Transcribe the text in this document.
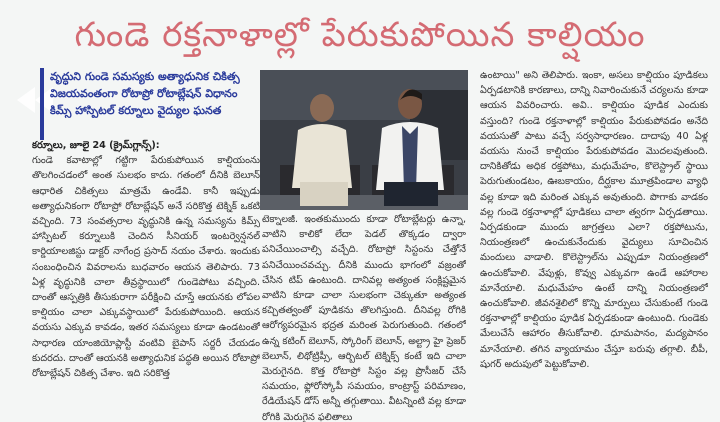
గుండె రక్తనాళాల్లో పేరుకుపోయిన కాల్షియం
వృద్ధుని గుండె సమస్యకు అత్యాధునిక చికిత్స
విజయవంతంగా రోటాప్రో రోటాబ్లేషన్ విధానం
కిమ్స్ హాస్పిటల్ కర్నూలు వైద్యుల ఘనత

కర్నూలు, జూలై 24 (క్రైమ్‌గ్లాన్స్):

గుండె కవాటాల్లో గట్టిగా పేరుకుపోయిన కాల్షియంను తొలగించడంలో అంత సులభం కాదు. గతంలో దీనికి బెలూన్ ఆధారిత చికిత్సలు మాత్రమే ఉండేవి. కానీ ఇప్పుడు అత్యాధునికంగా రోటాప్రో రోటాబ్లేషన్ అనే సరికొత్త టెక్నిక్ ఒకటి వచ్చింది. 73 సంవత్సరాల వృద్ధునికి ఉన్న సమస్యను కిమ్స్ హాస్పిటల్ కర్నూలుకి చెందిన సీనియర్ ఇంటర్వెన్షనల్ కార్డియాలజిస్టు డాక్టర్ నాగేంద్ర ప్రసాద్ నయం చేశారు. ఇందుకు సంబంధించిన వివరాలను బుధవారం ఆయన తెలిపారు. 73 ఏళ్ల వృద్ధునికి చాలా తీవ్రస్థాయిలో గుండెపోటు వచ్చింది. దాంతో ఆస్పత్రికి తీసుకురాగా పరీక్షించి చూస్తే ఆయనకు లోపల కాల్షియం చాలా ఎక్కువస్థాయిలో పేరుకుపోయింది. ఆయన వయసు ఎక్కువ కావడం, ఇతర సమస్యలు కూడా ఉండటంతో సాధారణ యాంజియోప్లాస్టీ వంటివి బైపాస్ సర్జరీ చేయడం కుదరదు. దాంతో ఆయనకి అత్యాధునిక పద్ధతి అయిన రోటాప్రో రోటాబ్లేషన్ చికిత్స చేశాం. ఇది సరికొత్త

టెక్నాలజీ. ఇంతకుముందు కూడా రోటాబ్లేటర్లు ఉన్నా, వాటిని కాలికో లేదా పెడల్ తొక్కడం ద్వారా పనిచేయించాల్సి వచ్చేది. రోటాప్రో సిస్టంను చేత్తోనే పనిచేయించవచ్చు. దీనికి ముందు భాగంలో వజ్రంతో చేసిన టిప్ ఉంటుంది. దానివల్ల అత్యంత సంక్లిష్టమైన వాటిని కూడా చాలా సులభంగా చెక్కుతూ అత్యంత కచ్చితత్వంతో పూడికను తొలగిస్తుంది. దీనివల్ల రోగికి ఆరోగ్యపరమైన భద్రత మరింత పెరుగుతుంది. గతంలో ఉన్న కటింగ్ బెలూన్, స్కోరింగ్ బెలూన్, అల్ట్రా హై ప్రెజర్ బెలూన్, లిథోట్రిప్సీ, ఆర్బిటల్ టెక్నిక్స్ కంటే ఇది చాలా మెరుగైనది. కొత్త రోటాప్రో సిస్టం వల్ల ప్రొసీజర్ చేసే సమయం, ఫ్లోరోస్కోపీ సమయం, కాంట్రాస్ట్ పరిమాణం, రేడియేషన్ డోస్ అన్నీ తగ్గుతాయి. వీటన్నింటి వల్ల కూడా రోగికి మెరుగైన ఫలితాలు

ఉంటాయి" అని తెలిపారు. ఇంకా, అసలు కాల్షియం పూడికలు ఏర్పడటానికి కారణాలు, దాన్ని నివారించుకునే చర్యలను కూడా ఆయన వివరించారు. అవి.. కాల్షియం పూడిక ఎందుకు వస్తుంది? గుండె రక్తనాళాల్లో కాల్షియం పేరుకుపోవడం అనేది వయసుతో పాటు వచ్చే సర్వసాధారణం. దాదాపు 40 ఏళ్ల వయసు నుంచే కాల్షియం పేరుకుపోవడం మొదలవుతుంది. దానికితోడు అధిక రక్తపోటు, మధుమేహం, కొలెస్ట్రాల్ స్థాయి పెరుగుతుండటం, ఊబకాయం, దీర్ఘకాల మూత్రపిండాల వ్యాధి వల్ల కూడా ఇది మరింత ఎక్కువ అవుతుంది. పొగాకు వాడకం వల్ల గుండె రక్తనాళాల్లో పూడికలు చాలా త్వరగా ఏర్పడతాయి. ఏర్పడకుండా ముందు జాగ్రత్తలు ఎలా? రక్తపోటును, నియంత్రణలో ఉంచుకునేందుకు వైద్యులు సూచించిన మందులు వాడాలి. కొలెస్ట్రాల్‌ను ఎప్పుడూ నియంత్రణలో ఉంచుకోవాలి. వేపుళ్లు, కొవ్వు ఎక్కువగా ఉండే ఆహారాల మానేయాలి. మధుమేహం ఉంటే దాన్ని నియంత్రణలో ఉంచుకోవాలి. జీవనశైలిలో కొన్ని మార్పులు చేసుకుంటే గుండె రక్తనాళాల్లో కాల్షియం పూడిక ఏర్పడకుండా ఉంటుంది. గుండెకు మేలుచేసే ఆహారం తీసుకోవాలి. ధూమపానం, మద్యపానం మానేయాలి. తగిన వ్యాయామం చేస్తూ బరువు తగ్గాలి. బీపీ, షుగర్ అదుపులో పెట్టుకోవాలి.
